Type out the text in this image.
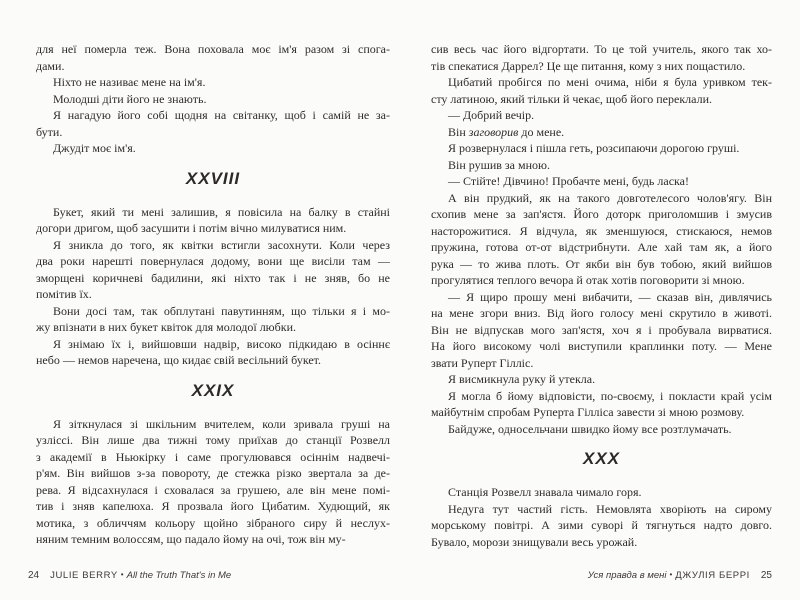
для неї померла теж. Вона поховала моє ім'я разом зі спога-
дами.

Ніхто не називає мене на ім'я.

Молодші діти його не знають.

Я нагадую його собі щодня на світанку, щоб і самій не за-
бути.

Джудіт моє ім'я.

XXVIII

Букет, який ти мені залишив, я повісила на балку в стайні
догори дригом, щоб засушити і потім вічно милуватися ним.

Я зникла до того, як квітки встигли засохнути. Коли через
два роки нарешті повернулася додому, вони ще висіли там —
зморщені коричневі бадилини, які ніхто так і не зняв, бо не
помітив їх.

Вони досі там, так обплутані павутинням, що тільки я і мо-
жу впізнати в них букет квіток для молодої любки.

Я знімаю їх і, вийшовши надвір, високо підкидаю в осіннє
небо — немов наречена, що кидає свій весільний букет.

XXIX

Я зіткнулася зі шкільним вчителем, коли зривала груші на
узліссі. Він лише два тижні тому приїхав до станції Розвелл
з академії в Ньюкірку і саме прогулювався осіннім надвечі-
р'ям. Він вийшов з-за повороту, де стежка різко звертала за де-
рева. Я відсахнулася і сховалася за грушею, але він мене помі-
тив і зняв капелюха. Я прозвала його Цибатим. Худющий, як
мотика, з обличчям кольору щойно зібраного сиру й неслух-
няним темним волоссям, що падало йому на очі, тож він му-

24 JULIE BERRY • All the Truth That's in Me

сив весь час його відгортати. То це той учитель, якого так хо-
тів спекатися Даррел? Це ще питання, кому з них пощастило.

Цибатий пробігся по мені очима, ніби я була уривком тек-
сту латиною, який тільки й чекає, щоб його переклали.

— Добрий вечір.

Він заговорив до мене.

Я розвернулася і пішла геть, розсипаючи дорогою груші.

Він рушив за мною.

— Стійте! Дівчино! Пробачте мені, будь ласка!

А він прудкий, як на такого довготелесого чолов'ягу. Він
схопив мене за зап'ястя. Його доторк приголомшив і змусив
насторожитися. Я відчула, як зменшуюся, стискаюся, немов
пружина, готова от-от відстрибнути. Але хай там як, а його
рука — то жива плоть. От якби він був тобою, який вийшов
прогулятися теплого вечора й отак хотів поговорити зі мною.

— Я щиро прошу мені вибачити, — сказав він, дивлячись
на мене згори вниз. Від його голосу мені скрутило в животі.
Він не відпускав мого зап'ястя, хоч я і пробувала вирватися.
На його високому чолі виступили краплинки поту. — Мене
звати Руперт Гілліс.

Я висмикнула руку й утекла.

Я могла б йому відповісти, по-своєму, і покласти край усім
майбутнім спробам Руперта Гілліса завести зі мною розмову.

Байдуже, односельчани швидко йому все розтлумачать.

XXX

Станція Розвелл знавала чимало горя.

Недуга тут частий гість. Немовлята хворіють на сирому
морському повітрі. А зими суворі й тягнуться надто довго.
Бувало, морози знищували весь урожай.

Уся правда в мені • ДЖУЛІЯ БЕРРІ 25
